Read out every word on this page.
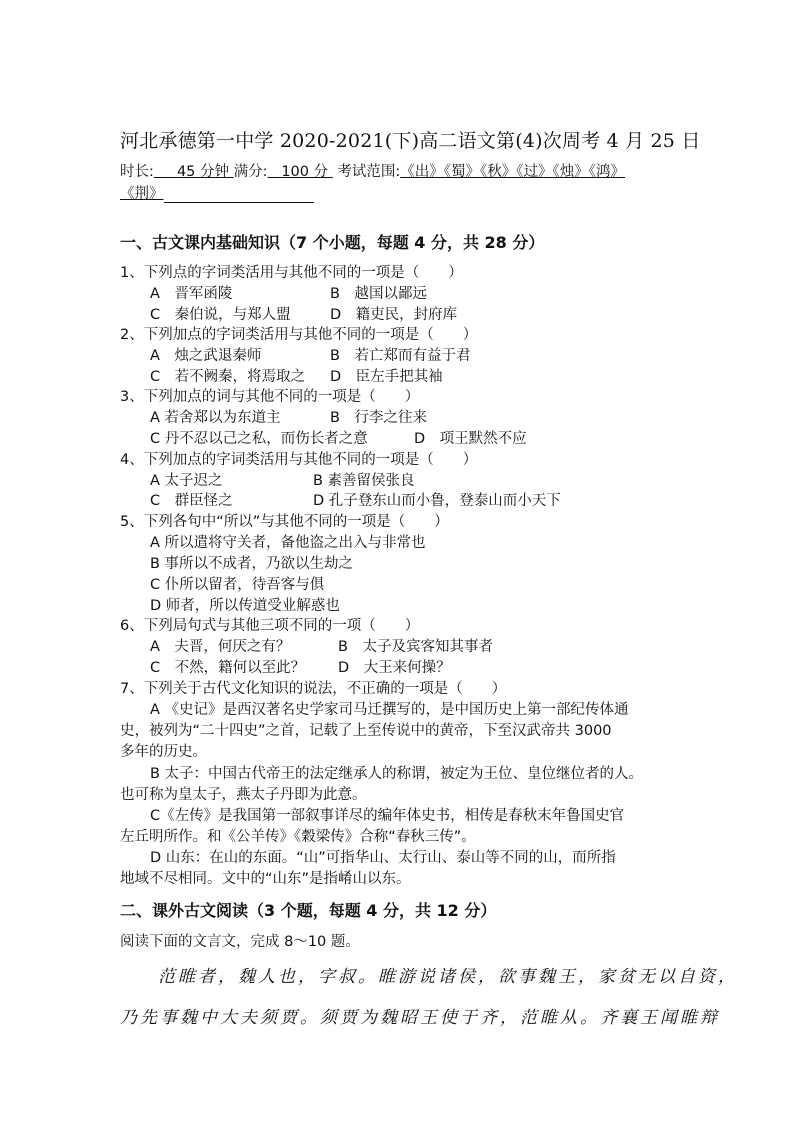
河北承德第一中学 2020-2021(下)高二语文第(4)次周考 4 月 25 日
时长: 45 分钟 满分: 100 分 考试范围:《出》《蜀》《秋》《过》《烛》《鸿》
《荆》
一、古文课内基础知识（7 个小题，每题 4 分，共 28 分）
1、下列点的字词类活用与其他不同的一项是（　　）
A　晋军函陵	B　越国以鄙远
C　秦伯说，与郑人盟	D　籍吏民，封府库
2、下列加点的字词类活用与其他不同的一项是（　　）
A　烛之武退秦师	B　若亡郑而有益于君
C　若不阙秦，将焉取之 D　臣左手把其袖
3、下列加点的词与其他不同的一项是（　　）
A 若舍郑以为东道主	B　行李之往来
C 丹不忍以己之私，而伤长者之意	D　项王默然不应
4、下列加点的字词类活用与其他不同的一项是（　　）
A 太子迟之	B 素善留侯张良
C　群臣怪之	D 孔子登东山而小鲁，登泰山而小天下
5、下列各句中“所以”与其他不同的一项是（　　）
A 所以遣将守关者，备他盗之出入与非常也
B 事所以不成者，乃欲以生劫之
C 仆所以留者，待吾客与俱
D 师者，所以传道受业解惑也
6、下列局句式与其他三项不同的一项（　　）
A　夫晋，何厌之有？	B　太子及宾客知其事者
C　不然，籍何以至此？ D　大王来何操？
7、下列关于古代文化知识的说法，不正确的一项是（　　）
A 《史记》是西汉著名史学家司马迁撰写的，是中国历史上第一部纪传体通
史，被列为“二十四史”之首，记载了上至传说中的黄帝，下至汉武帝共 3000
多年的历史。
B 太子：中国古代帝王的法定继承人的称谓，被定为王位、皇位继位者的人。
也可称为皇太子，燕太子丹即为此意。
C《左传》是我国第一部叙事详尽的编年体史书，相传是春秋末年鲁国史官
左丘明所作。和《公羊传》《穀梁传》合称“春秋三传”。
D 山东：在山的东面。“山”可指华山、太行山、泰山等不同的山，而所指
地域不尽相同。文中的“山东”是指崤山以东。
二、课外古文阅读（3 个题，每题 4 分，共 12 分）
阅读下面的文言文，完成 8～10 题。
范睢者，魏人也，字叔。睢游说诸侯，欲事魏王，家贫无以自资，
乃先事魏中大夫须贾。须贾为魏昭王使于齐，范睢从。齐襄王闻睢辩
